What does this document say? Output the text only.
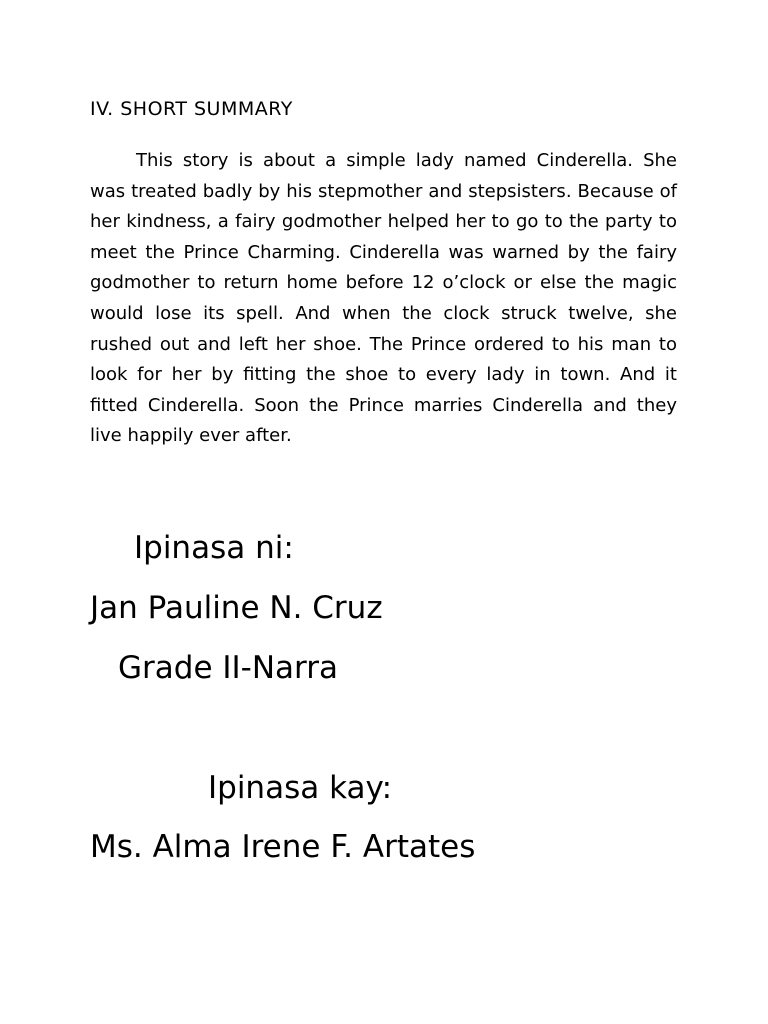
IV. SHORT SUMMARY

This story is about a simple lady named Cinderella. She was treated badly by his stepmother and stepsisters. Because of her kindness, a fairy godmother helped her to go to the party to meet the Prince Charming. Cinderella was warned by the fairy godmother to return home before 12 o’clock or else the magic would lose its spell. And when the clock struck twelve, she rushed out and left her shoe. The Prince ordered to his man to look for her by fitting the shoe to every lady in town. And it fitted Cinderella. Soon the Prince marries Cinderella and they live happily ever after.

Ipinasa ni:
Jan Pauline N. Cruz
Grade II-Narra
Ipinasa kay:
Ms. Alma Irene F. Artates
